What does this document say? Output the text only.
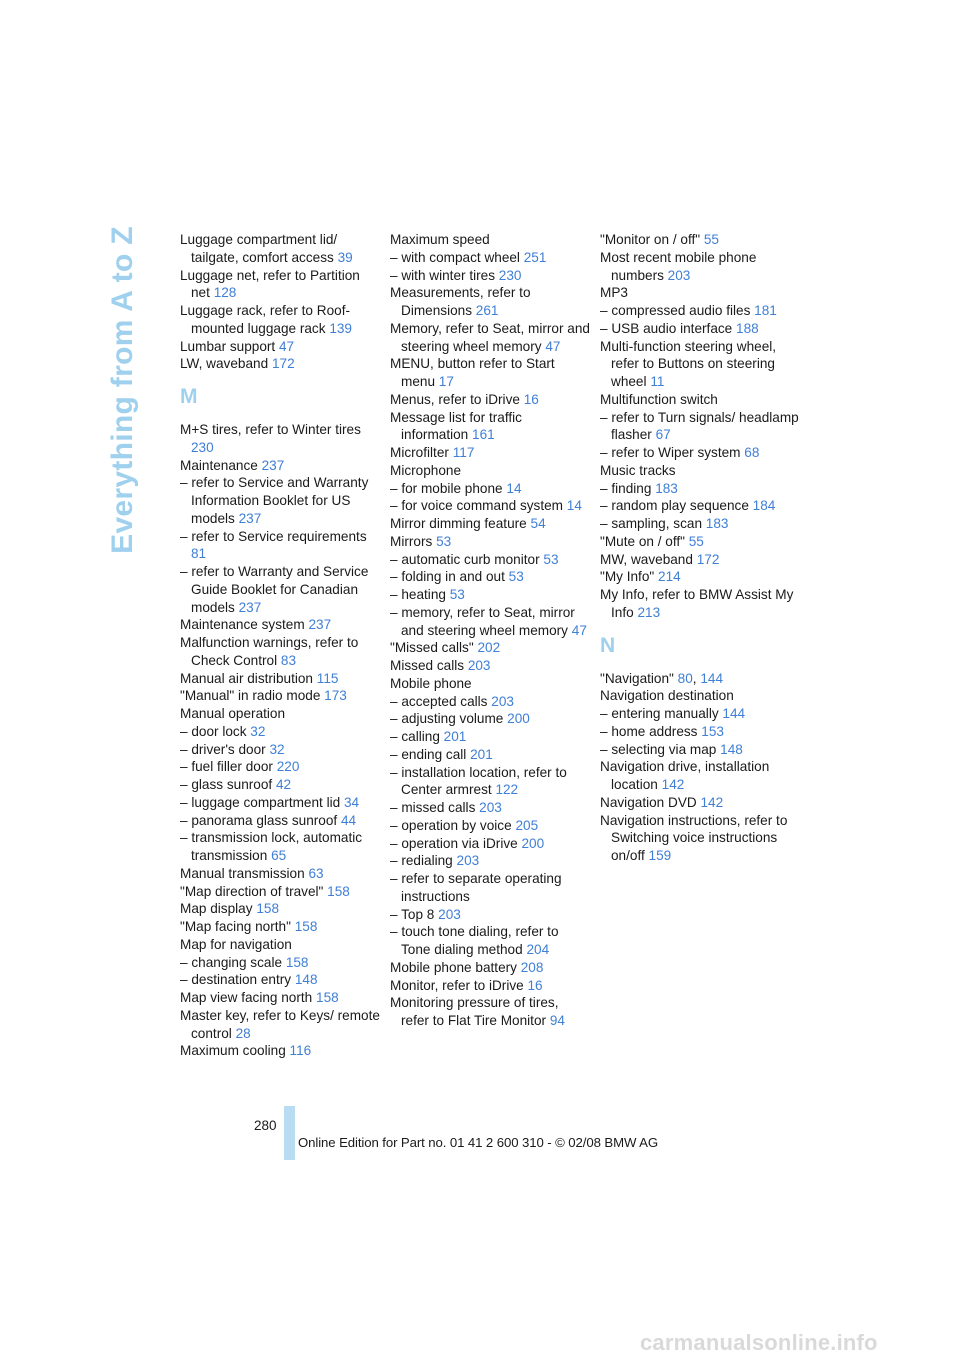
Everything from A to Z	Luggage compartment lid/ tailgate, comfort access 39
Luggage net, refer to Partition net 128
Luggage rack, refer to Roof-mounted luggage rack 139
Lumbar support 47
LW, waveband 172
M
M+S tires, refer to Winter tires 230
Maintenance 237
– refer to Service and Warranty Information Booklet for US models 237
– refer to Service requirements 81
– refer to Warranty and Service Guide Booklet for Canadian models 237
Maintenance system 237
Malfunction warnings, refer to Check Control 83
Manual air distribution 115
"Manual" in radio mode 173
Manual operation
– door lock 32
– driver's door 32
– fuel filler door 220
– glass sunroof 42
– luggage compartment lid 34
– panorama glass sunroof 44
– transmission lock, automatic transmission 65
Manual transmission 63
"Map direction of travel" 158
Map display 158
"Map facing north" 158
Map for navigation
– changing scale 158
– destination entry 148
Map view facing north 158
Master key, refer to Keys/ remote control 28
Maximum cooling 116
Maximum speed
– with compact wheel 251
– with winter tires 230
Measurements, refer to Dimensions 261
Memory, refer to Seat, mirror and steering wheel memory 47
MENU, button refer to Start menu 17
Menus, refer to iDrive 16
Message list for traffic information 161
Microfilter 117
Microphone
– for mobile phone 14
– for voice command system 14
Mirror dimming feature 54
Mirrors 53
– automatic curb monitor 53
– folding in and out 53
– heating 53
– memory, refer to Seat, mirror and steering wheel memory 47
"Missed calls" 202
Missed calls 203
Mobile phone
– accepted calls 203
– adjusting volume 200
– calling 201
– ending call 201
– installation location, refer to Center armrest 122
– missed calls 203
– operation by voice 205
– operation via iDrive 200
– redialing 203
– refer to separate operating instructions
– Top 8 203
– touch tone dialing, refer to Tone dialing method 204
Mobile phone battery 208
Monitor, refer to iDrive 16
Monitoring pressure of tires, refer to Flat Tire Monitor 94
"Monitor on / off" 55
Most recent mobile phone numbers 203
MP3
– compressed audio files 181
– USB audio interface 188
Multi-function steering wheel, refer to Buttons on steering wheel 11
Multifunction switch
– refer to Turn signals/ headlamp flasher 67
– refer to Wiper system 68
Music tracks
– finding 183
– random play sequence 184
– sampling, scan 183
"Mute on / off" 55
MW, waveband 172
"My Info" 214
My Info, refer to BMW Assist My Info 213
N
"Navigation" 80, 144
Navigation destination
– entering manually 144
– home address 153
– selecting via map 148
Navigation drive, installation location 142
Navigation DVD 142
Navigation instructions, refer to Switching voice instructions on/off 159
280
Online Edition for Part no. 01 41 2 600 310 - © 02/08 BMW AG
carmanualsonline.info
